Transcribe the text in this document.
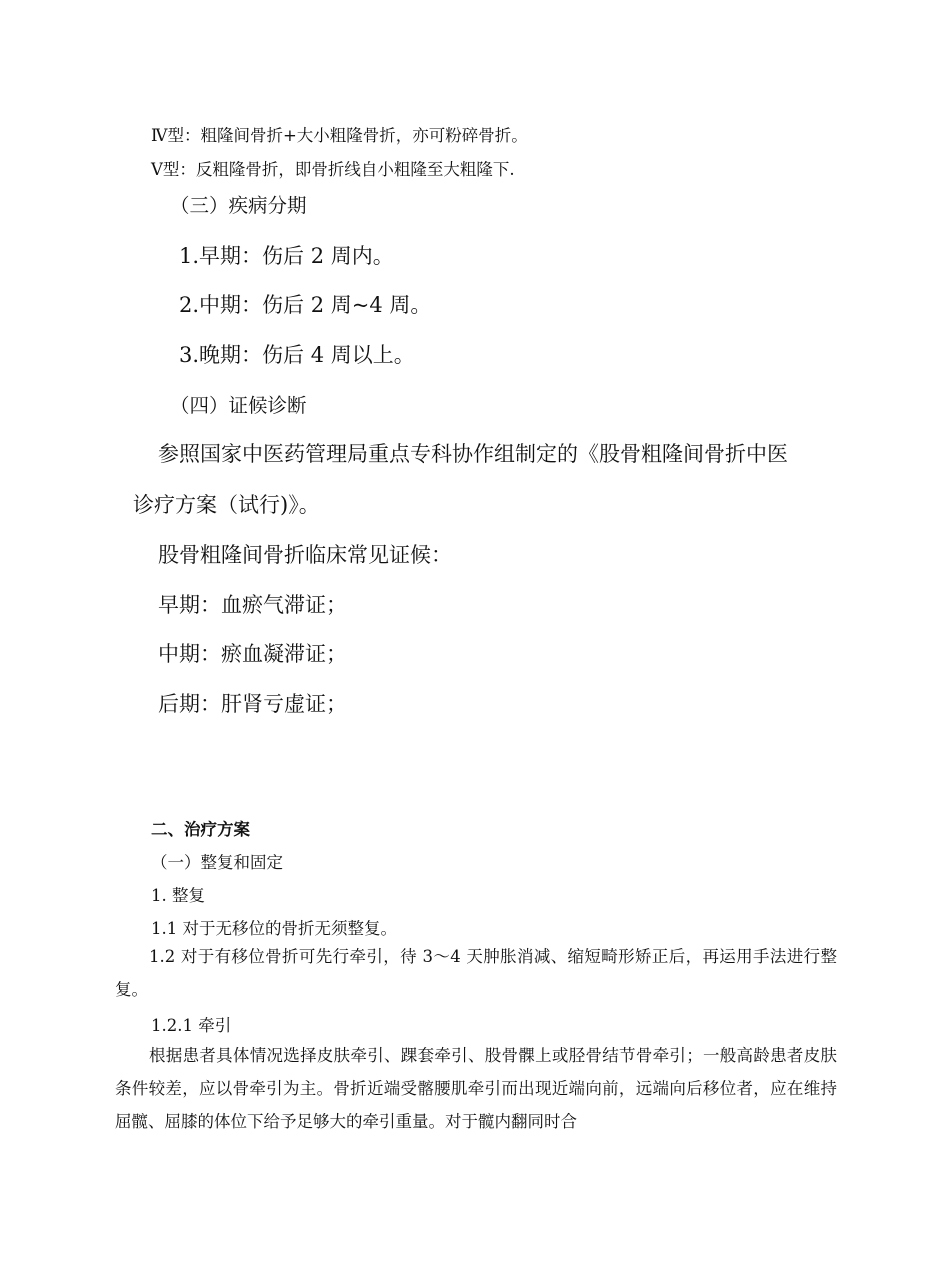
Ⅳ型：粗隆间骨折+大小粗隆骨折，亦可粉碎骨折。

Ⅴ型：反粗隆骨折，即骨折线自小粗隆至大粗隆下.

（三）疾病分期

1.早期：伤后 2 周内。

2.中期：伤后 2 周~4 周。

3.晚期：伤后 4 周以上。

（四）证候诊断

参照国家中医药管理局重点专科协作组制定的《股骨粗隆间骨折中医

诊疗方案（试行)》。

股骨粗隆间骨折临床常见证候：

早期：血瘀气滞证；

中期：瘀血凝滞证；

后期：肝肾亏虚证；

二、治疗方案

（一）整复和固定

1. 整复

1.1 对于无移位的骨折无须整复。

1.2 对于有移位骨折可先行牵引，待 3～4 天肿胀消减、缩短畸形矫正后，再运用手法进行整复。

1.2.1 牵引

根据患者具体情况选择皮肤牵引、踝套牵引、股骨髁上或胫骨结节骨牵引；一般高龄患者皮肤条件较差，应以骨牵引为主。骨折近端受髂腰肌牵引而出现近端向前，远端向后移位者，应在维持屈髋、屈膝的体位下给予足够大的牵引重量。对于髋内翻同时合
